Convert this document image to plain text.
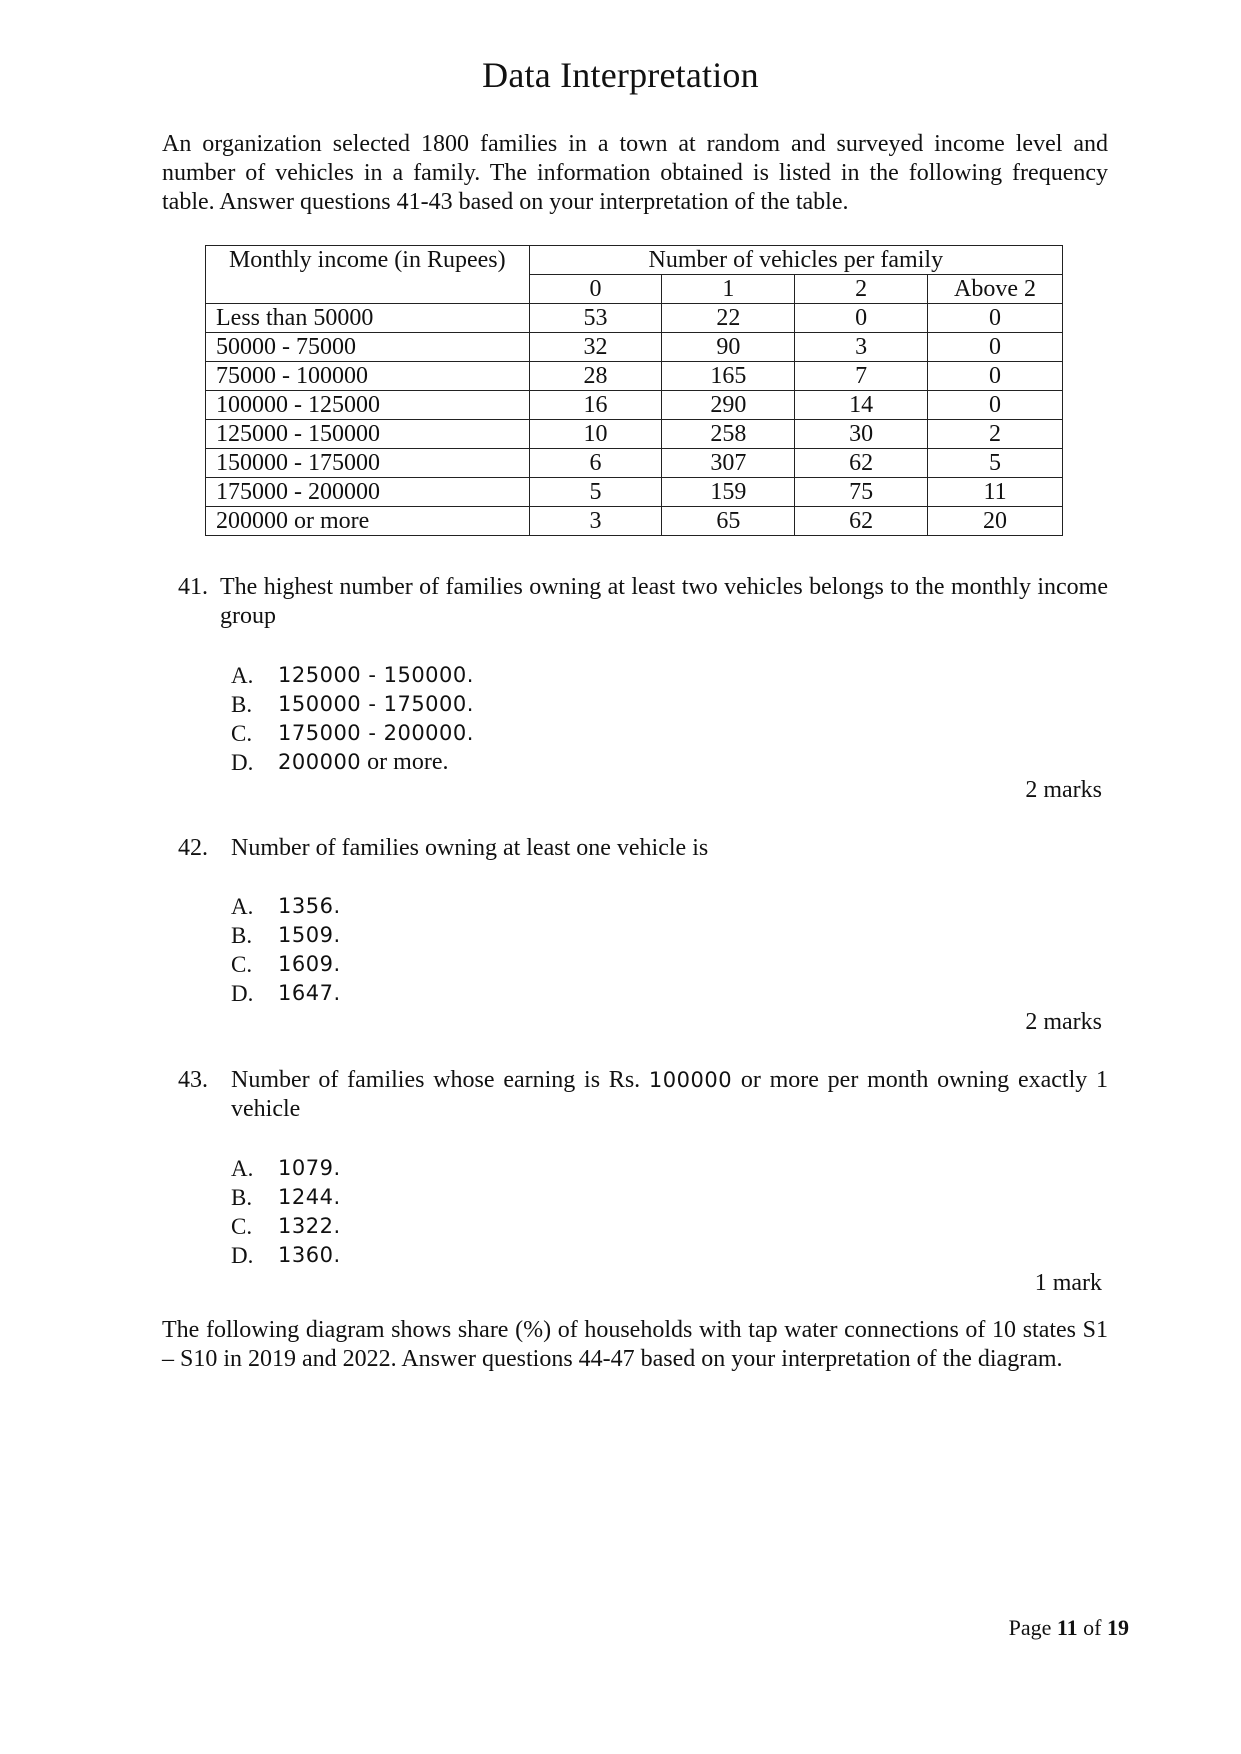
Data Interpretation
An organization selected 1800 families in a town at random and surveyed income level and number of vehicles in a family. The information obtained is listed in the following frequency table. Answer questions 41-43 based on your interpretation of the table.
Monthly income (in Rupees)	Number of vehicles per family			
	0	1	2	Above 2
Less than 50000	53	22	0	0
50000 - 75000	32	90	3	0
75000 - 100000	28	165	7	0
100000 - 125000	16	290	14	0
125000 - 150000	10	258	30	2
150000 - 175000	6	307	62	5
175000 - 200000	5	159	75	11
200000 or more	3	65	62	20
41. The highest number of families owning at least two vehicles belongs to the monthly income group
A. 125000 - 150000.
B. 150000 - 175000.
C. 175000 - 200000.
D. 200000 or more.
2 marks
42. Number of families owning at least one vehicle is
A. 1356.
B. 1509.
C. 1609.
D. 1647.
2 marks
43. Number of families whose earning is Rs. 100000 or more per month owning exactly 1 vehicle
A. 1079.
B. 1244.
C. 1322.
D. 1360.
1 mark
The following diagram shows share (%) of households with tap water connections of 10 states S1 – S10 in 2019 and 2022. Answer questions 44-47 based on your interpretation of the diagram.
Page 11 of 19
